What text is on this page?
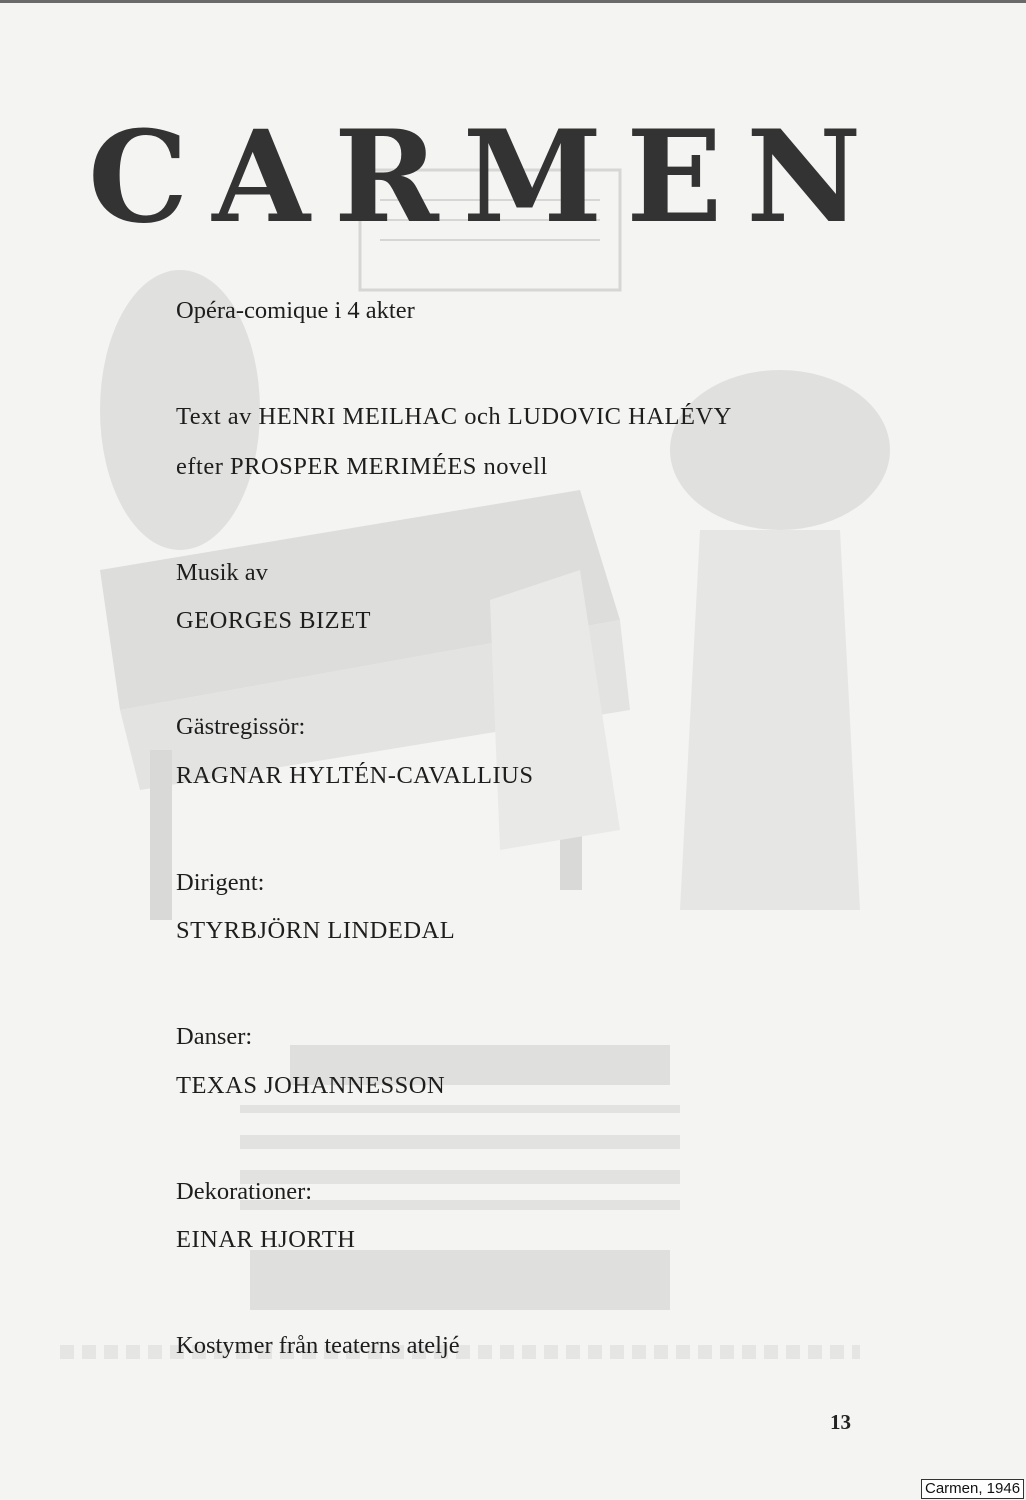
CARMEN

Opéra-comique i 4 akter

Text av HENRI MEILHAC och LUDOVIC HALÉVY

efter PROSPER MERIMÉES novell

Musik av

GEORGES BIZET

Gästregissör:

RAGNAR HYLTÉN-CAVALLIUS

Dirigent:

STYRBJÖRN LINDEDAL

Danser:

TEXAS JOHANNESSON

Dekorationer:

EINAR HJORTH

Kostymer från teaterns ateljé

13
Carmen, 1946
